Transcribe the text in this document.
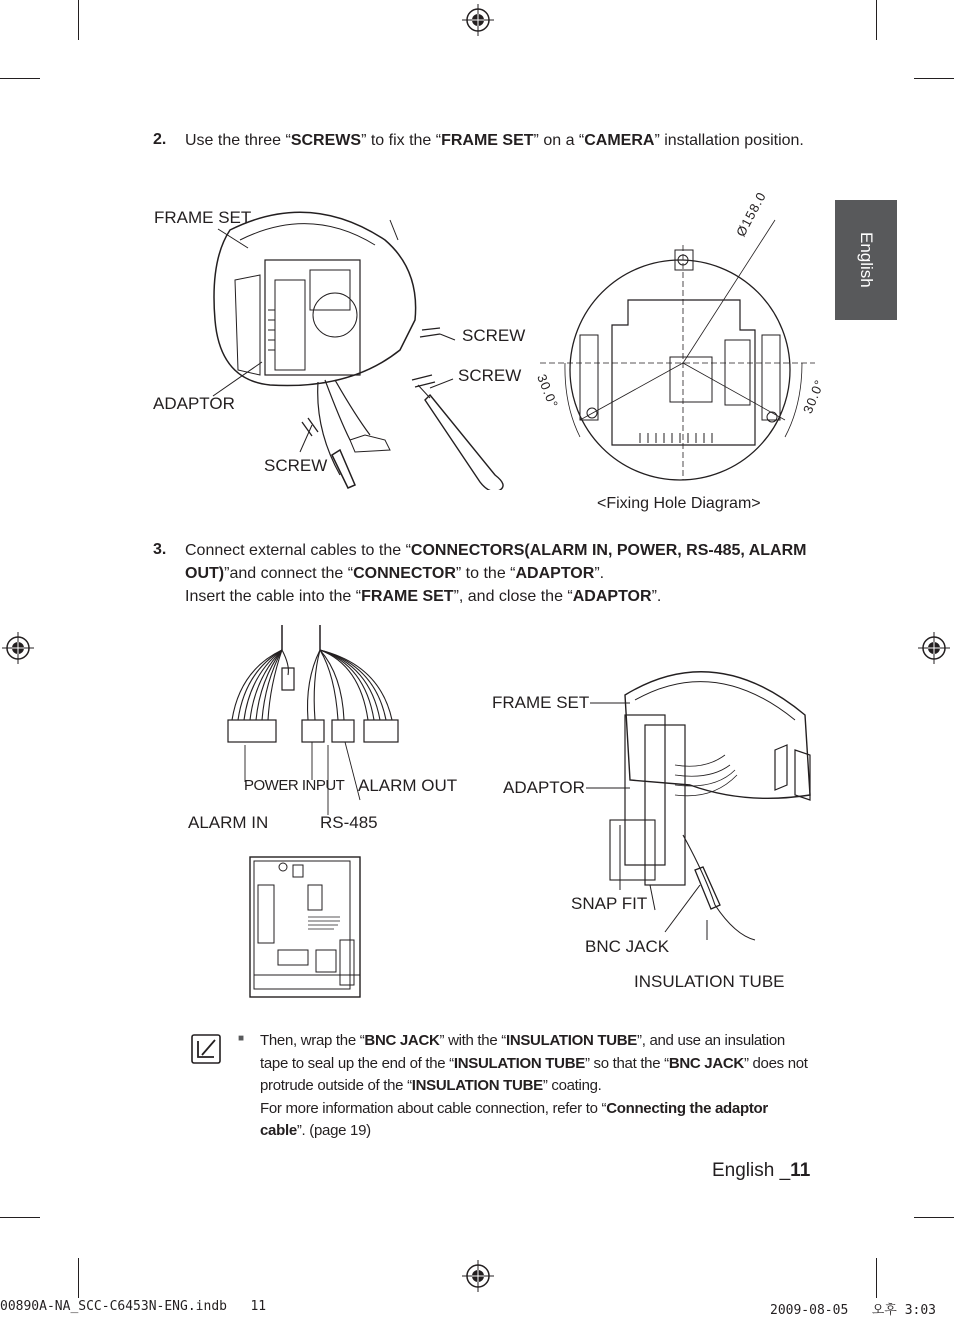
English
2. Use the three “SCREWS” to fix the “FRAME SET” on a “CAMERA” installation position.
FRAME SET
SCREW
SCREW
ADAPTOR
SCREW
Ø158.0
30.0°	30.0°
<Fixing Hole Diagram>
3. Connect external cables to the “CONNECTORS(ALARM IN, POWER, RS-485, ALARM OUT)”and connect the “CONNECTOR” to the “ADAPTOR”.
Insert the cable into the “FRAME SET”, and close the “ADAPTOR”.
POWER INPUT ALARM OUT
ALARM IN	RS-485
FRAME SET
ADAPTOR
SNAP FIT
BNC JACK
INSULATION TUBE
■ Then, wrap the “BNC JACK” with the “INSULATION TUBE”, and use an insulation tape to seal up the end of the “INSULATION TUBE” so that the “BNC JACK” does not protrude outside of the “INSULATION TUBE” coating.
For more information about cable connection, refer to “Connecting the adaptor cable”. (page 19)
English _11
00890A-NA_SCC-C6453N-ENG.indb   11	2009-08-05   오후 3:03
